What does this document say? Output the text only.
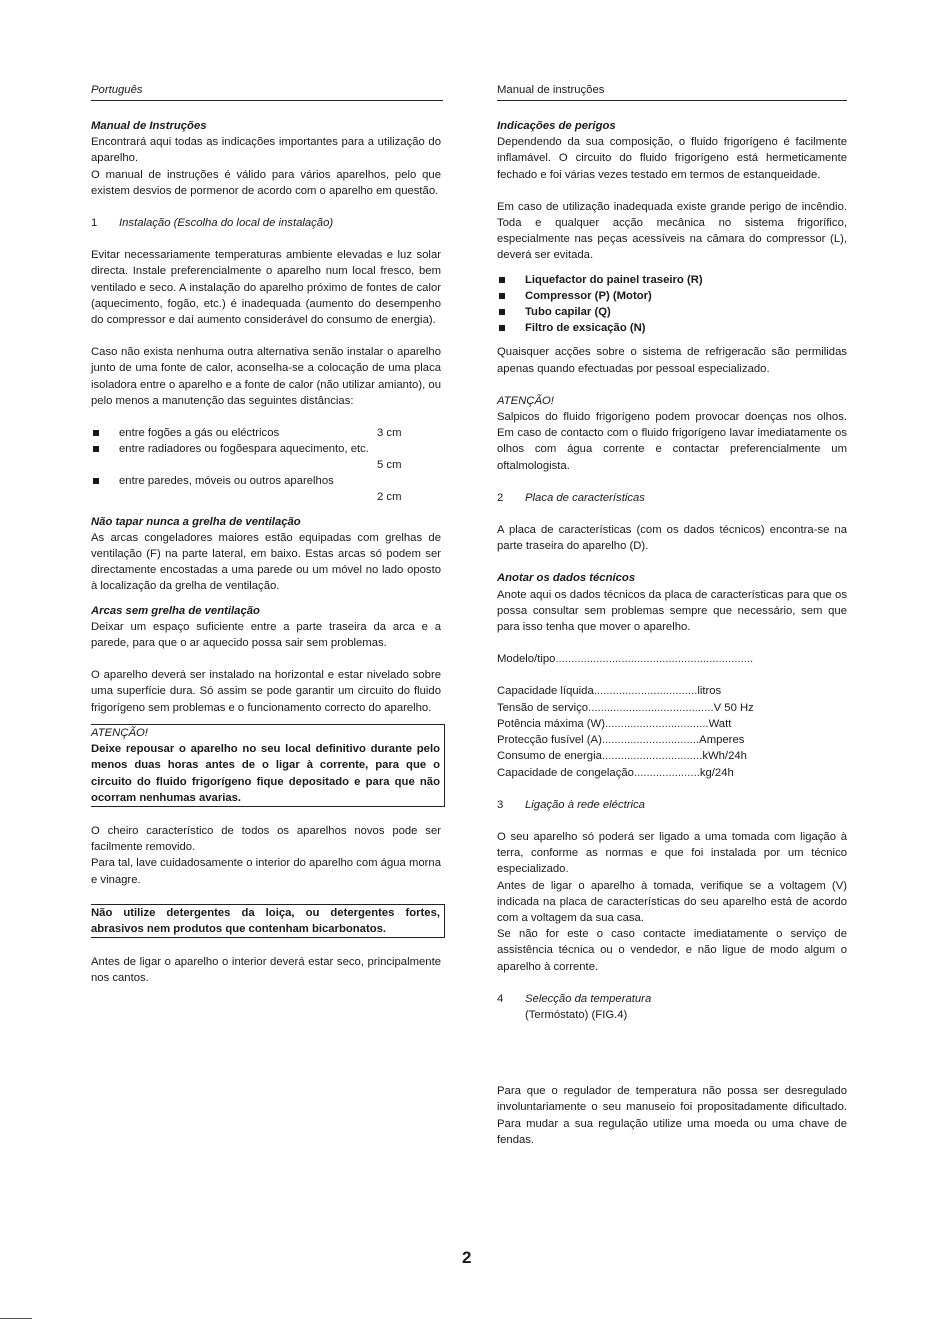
Português	Manual de instruções

Manual de Instruções

Encontrará aqui todas as indicações importantes para a utilização do aparelho.

O manual de instruções é válido para vários aparelhos, pelo que existem desvios de pormenor de acordo com o aparelho em questão.

1 Instalação (Escolha do local de instalação)

Evitar necessariamente temperaturas ambiente elevadas e luz solar directa. Instale preferencialmente o aparelho num local fresco, bem ventilado e seco. A instalação do aparelho próximo de fontes de calor (aquecimento, fogão, etc.) é inadequada (aumento do desempenho do compressor e daí aumento considerável do consumo de energia).

Caso não exista nenhuma outra alternativa senão instalar o aparelho junto de uma fonte de calor, aconselha-se a colocação de uma placa isoladora entre o aparelho e a fonte de calor (não utilizar amianto), ou pelo menos a manutenção das seguintes distâncias:

entre fogões a gás ou eléctricos	3 cm
entre radiadores ou fogõespara aquecimento, etc.
5 cm
entre paredes, móveis ou outros aparelhos
2 cm

Não tapar nunca a grelha de ventilação

As arcas congeladores maiores estão equipadas com grelhas de ventilação (F) na parte lateral, em baixo. Estas arcas só podem ser directamente encostadas a uma parede ou um móvel no lado oposto à localização da grelha de ventilação.

Arcas sem grelha de ventilação

Deixar um espaço suficiente entre a parte traseira da arca e a parede, para que o ar aquecido possa sair sem problemas.

O aparelho deverá ser instalado na horizontal e estar nivelado sobre uma superfície dura. Só assim se pode garantir um circuito do fluido frigorígeno sem problemas e o funcionamento correcto do aparelho.

ATENÇÃO!

Deixe repousar o aparelho no seu local definitivo durante pelo menos duas horas antes de o ligar à corrente, para que o circuito do fluido frigorígeno fique depositado e para que não ocorram nenhumas avarias.

O cheiro característico de todos os aparelhos novos pode ser facilmente removido.

Para tal, lave cuidadosamente o interior do aparelho com água morna e vinagre.

Não utilize detergentes da loiça, ou detergentes fortes, abrasivos nem produtos que contenham bicarbonatos.

Antes de ligar o aparelho o interior deverá estar seco, principalmente nos cantos.

Indicações de perigos

Dependendo da sua composição, o fluido frigorígeno é facilmente inflamável. O circuito do fluido frigorígeno está hermeticamente fechado e foi várias vezes testado em termos de estanqueidade.

Em caso de utilização inadequada existe grande perigo de incêndio. Toda e qualquer acção mecânica no sistema frigorífico, especialmente nas peças acessíveis na câmara do compressor (L), deverá ser evitada.

Liquefactor do painel traseiro (R)
Compressor (P) (Motor)
Tubo capilar (Q)
Filtro de exsicação (N)

Quaisquer acções sobre o sistema de refrigeracão são permilidas apenas quando efectuadas por pessoal especializado.

ATENÇÃO!

Salpicos do fluido frigorígeno podem provocar doenças nos olhos. Em caso de contacto com o fluido frigorígeno lavar imediatamente os olhos com água corrente e contactar preferencialmente um oftalmologista.

2 Placa de características

A placa de características (com os dados técnicos) encontra-se na parte traseira do aparelho (D).

Anotar os dados técnicos

Anote aqui os dados técnicos da placa de características para que os possa consultar sem problemas sempre que necessário, sem que para isso tenha que mover o aparelho.

Modelo/tipo ...............................................................
Capacidade líquida ................................. litros
Tensão de serviço ........................................ V 50 Hz
Potência máxima (W) ................................. Watt
Protecção fusível (A) ............................... Amperes
Consumo de energia ............................... .kWh/24h
Capacidade de congelação ..................... kg/24h

3 Ligação à rede eléctrica

O seu aparelho só poderá ser ligado a uma tomada com ligação à terra, conforme as normas e que foi instalada por um técnico especializado.

Antes de ligar o aparelho à tomada, verifique se a voltagem (V) indicada na placa de características do seu aparelho está de acordo com a voltagem da sua casa.

Se não for este o caso contacte imediatamente o serviço de assistência técnica ou o vendedor, e não ligue de modo algum o aparelho à corrente.

4 Selecção da temperatura

(Termóstato) (FIG.4)

Para que o regulador de temperatura não possa ser desregulado involuntariamente o seu manuseio foi propositadamente dificultado. Para mudar a sua regulação utilize uma moeda ou uma chave de fendas.

2
